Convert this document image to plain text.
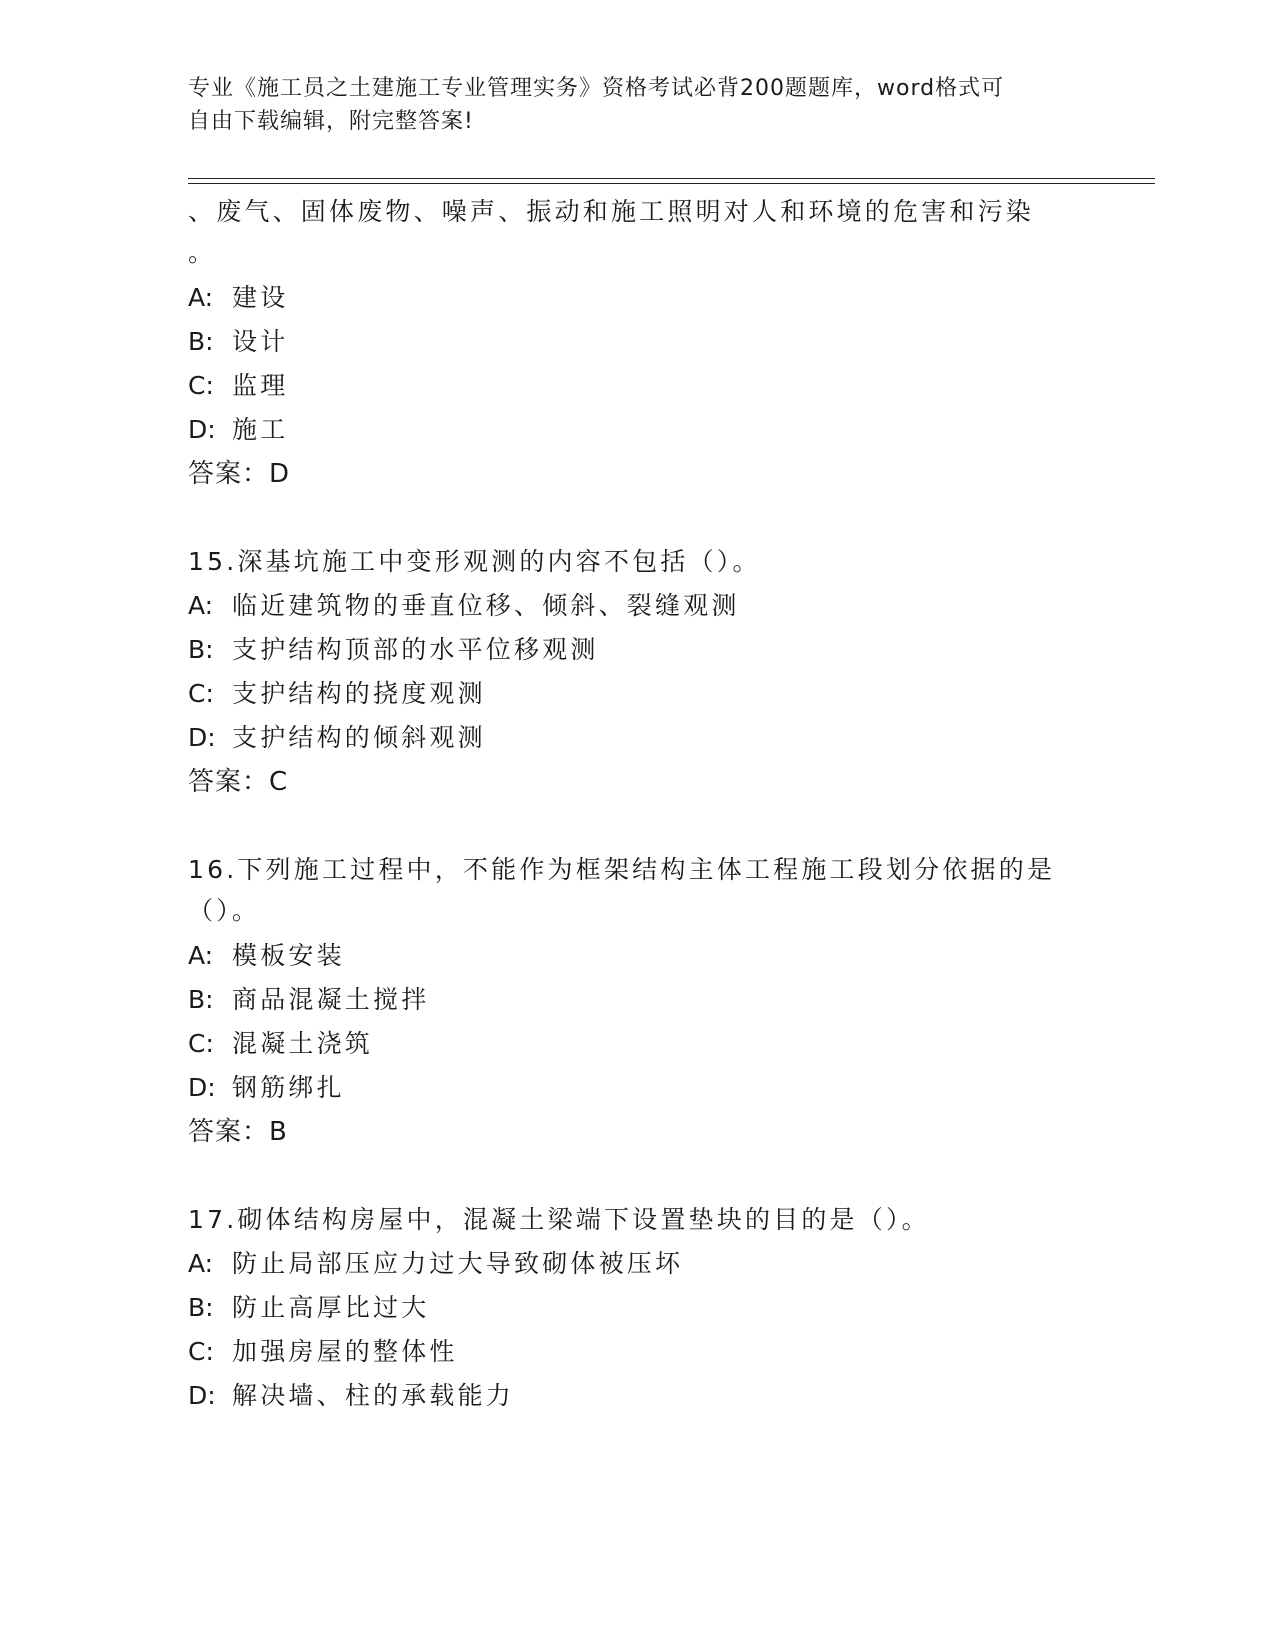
专业《施工员之土建施工专业管理实务》资格考试必背200题题库，word格式可
自由下载编辑，附完整答案!
、废气、固体废物、噪声、振动和施工照明对人和环境的危害和污染
。
A: 建设
B: 设计
C: 监理
D: 施工
答案：D
15.深基坑施工中变形观测的内容不包括（）。
A: 临近建筑物的垂直位移、倾斜、裂缝观测
B: 支护结构顶部的水平位移观测
C: 支护结构的挠度观测
D: 支护结构的倾斜观测
答案：C
16.下列施工过程中，不能作为框架结构主体工程施工段划分依据的是
（）。
A: 模板安装
B: 商品混凝土搅拌
C: 混凝土浇筑
D: 钢筋绑扎
答案：B
17.砌体结构房屋中，混凝土梁端下设置垫块的目的是（）。
A: 防止局部压应力过大导致砌体被压坏
B: 防止高厚比过大
C: 加强房屋的整体性
D: 解决墙、柱的承载能力
